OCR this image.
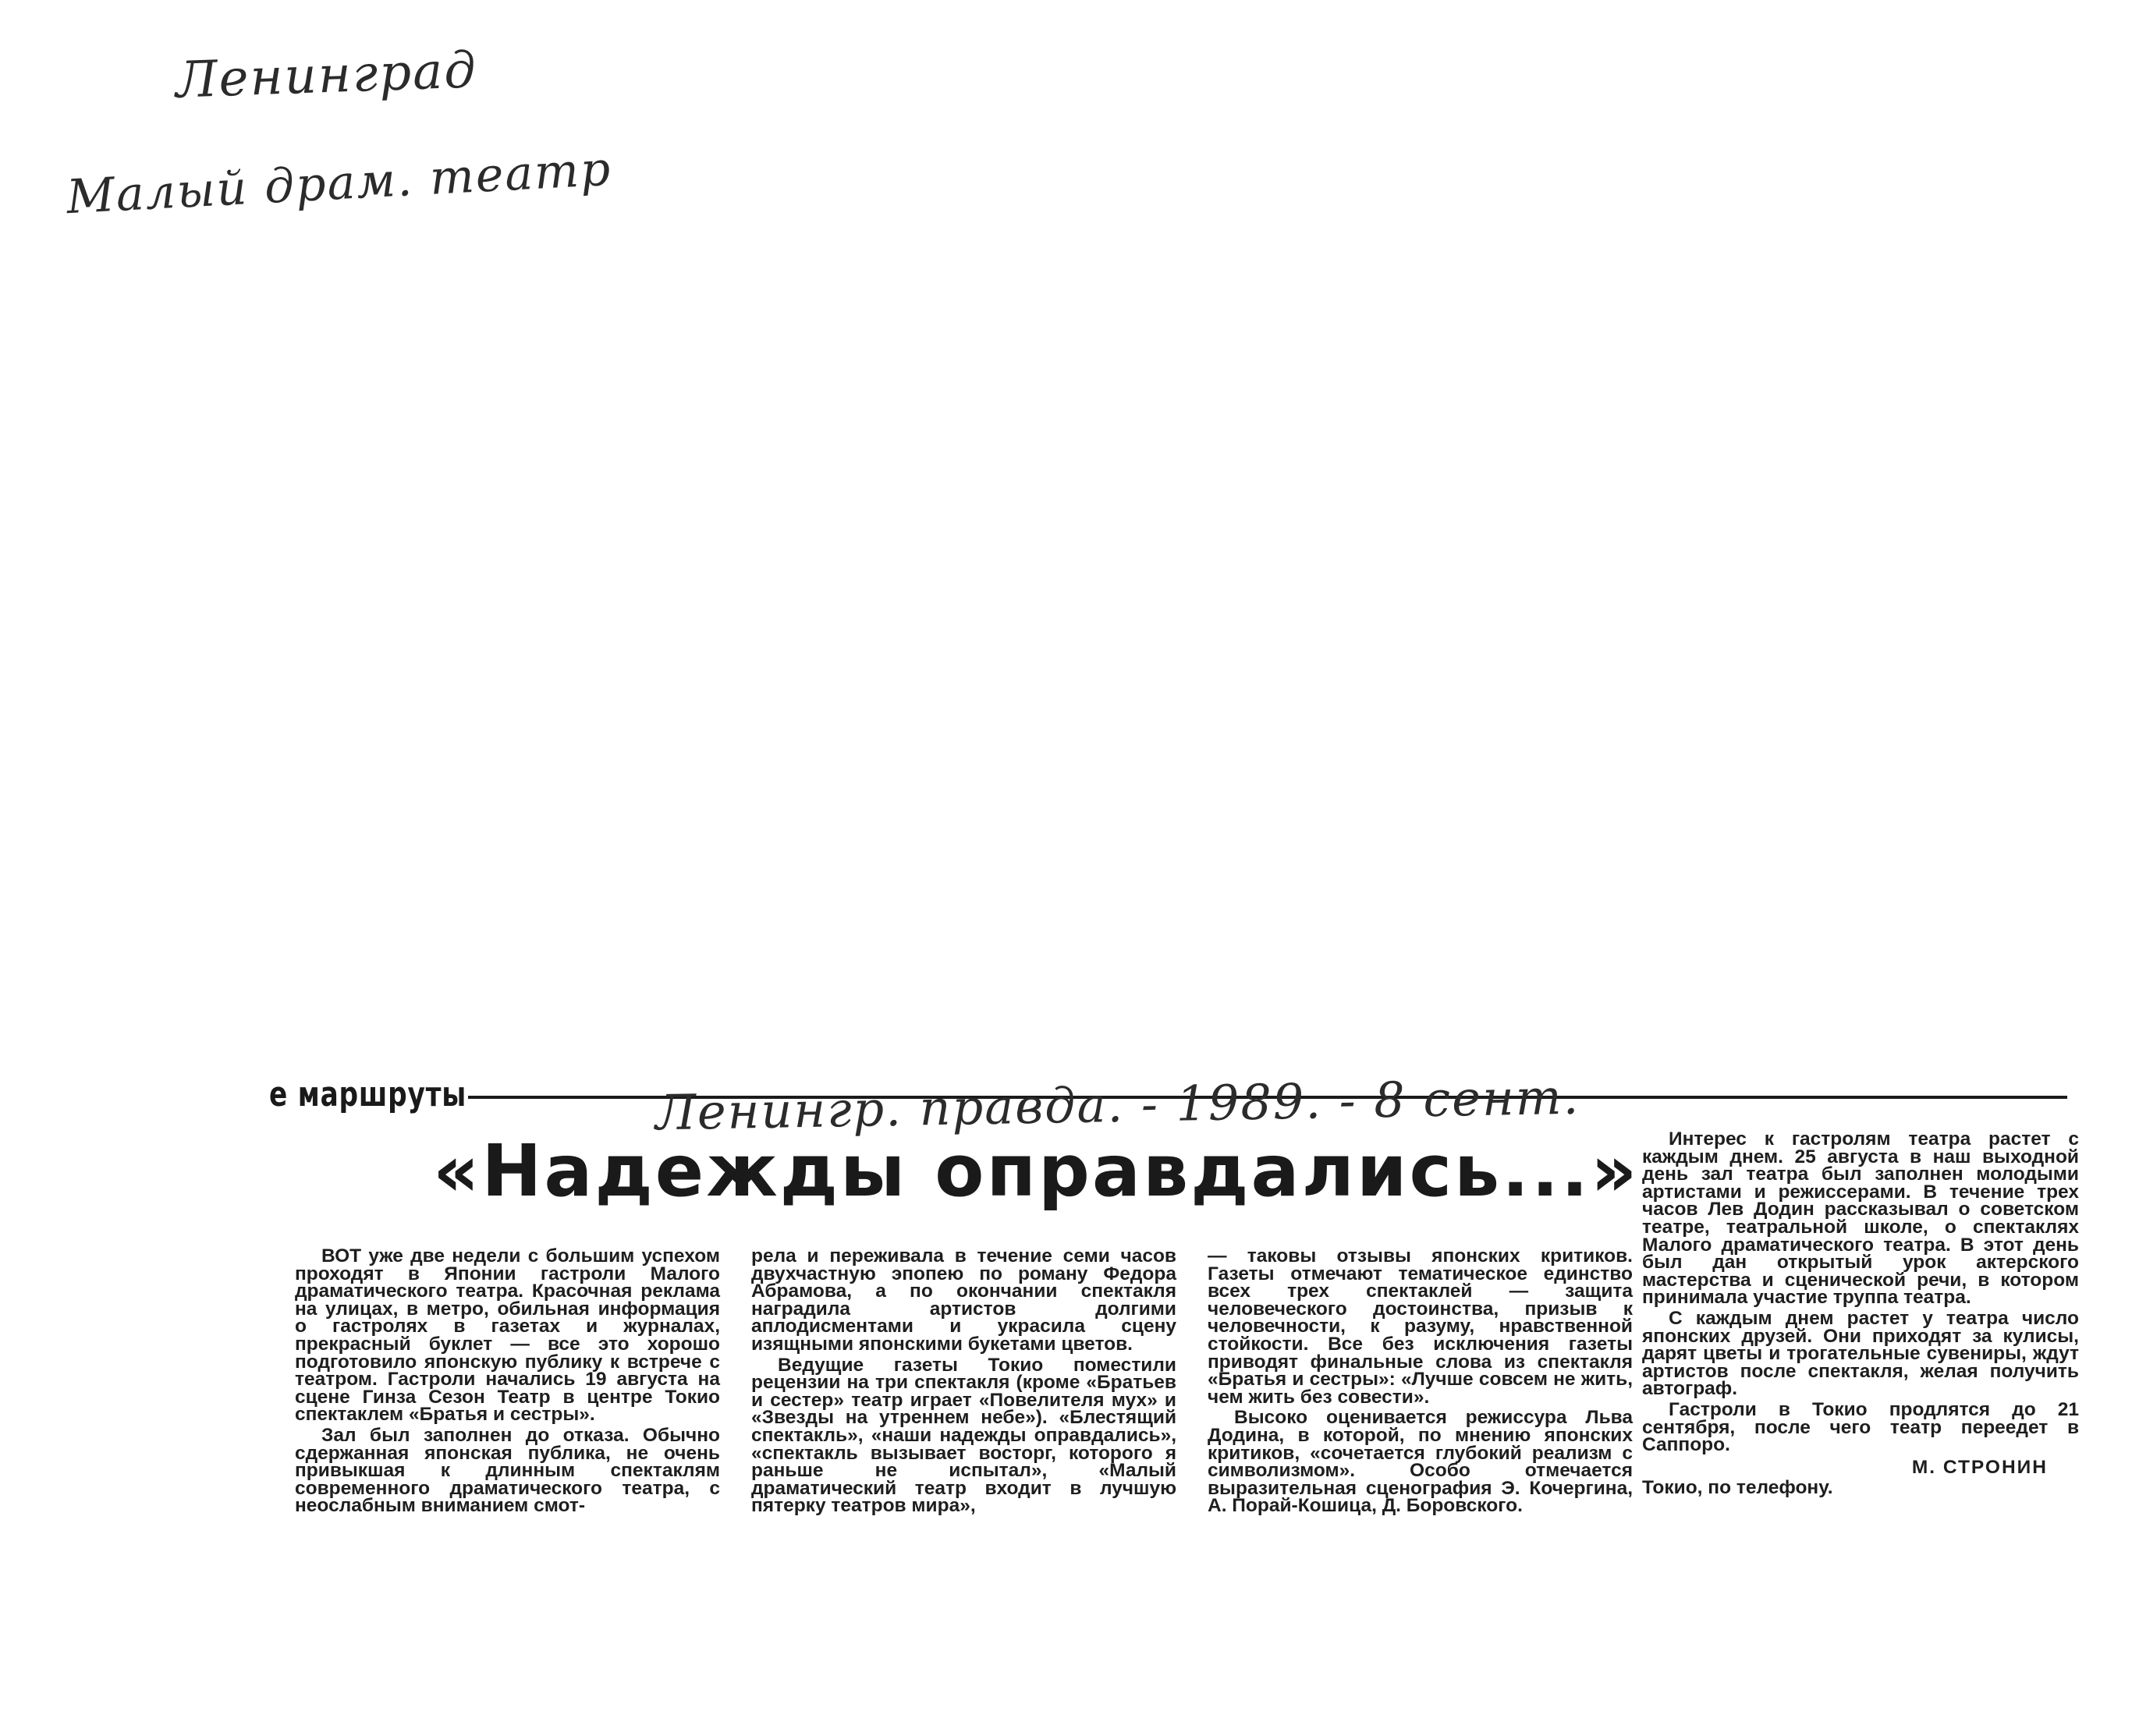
Ленинград
Малый драм. театр
е маршруты	Ленингр. правда. - 1989. - 8 сент.
«Надежды оправдались...»

ВОТ уже две недели с большим успехом проходят в Японии гастроли Малого драматического театра. Красочная реклама на улицах, в метро, обильная информация о гастролях в газетах и журналах, прекрасный буклет — все это хорошо подготовило японскую публику к встрече с театром. Гастроли начались 19 августа на сцене Гинза Сезон Театр в центре Токио спектаклем «Братья и сестры».

Зал был заполнен до отказа. Обычно сдержанная японская публика, не очень привыкшая к длинным спектаклям современного драматического театра, с неослабным вниманием смот-

рела и переживала в течение семи часов двухчастную эпопею по роману Федора Абрамова, а по окончании спектакля наградила артистов долгими аплодисментами и украсила сцену изящными японскими букетами цветов.

Ведущие газеты Токио поместили рецензии на три спектакля (кроме «Братьев и сестер» театр играет «Повелителя мух» и «Звезды на утреннем небе»). «Блестящий спектакль», «наши надежды оправдались», «спектакль вызывает восторг, которого я раньше не испытал», «Малый драматический театр входит в лучшую пятерку театров мира»,

— таковы отзывы японских критиков. Газеты отмечают тематическое единство всех трех спектаклей — защита человеческого достоинства, призыв к человечности, к разуму, нравственной стойкости. Все без исключения газеты приводят финальные слова из спектакля «Братья и сестры»: «Лучше совсем не жить, чем жить без совести».

Высоко оценивается режиссура Льва Додина, в которой, по мнению японских критиков, «сочетается глубокий реализм с символизмом». Особо отмечается выразительная сценография Э. Кочергина, А. Порай-Кошица, Д. Боровского.

Интерес к гастролям театра растет с каждым днем. 25 августа в наш выходной день зал театра был заполнен молодыми артистами и режиссерами. В течение трех часов Лев Додин рассказывал о советском театре, театральной школе, о спектаклях Малого драматического театра. В этот день был дан открытый урок актерского мастерства и сценической речи, в котором принимала участие труппа театра.

С каждым днем растет у театра число японских друзей. Они приходят за кулисы, дарят цветы и трогательные сувениры, ждут артистов после спектакля, желая получить автограф.

Гастроли в Токио продлятся до 21 сентября, после чего театр переедет в Саппоро.

М. СТРОНИН

Токио, по телефону.
